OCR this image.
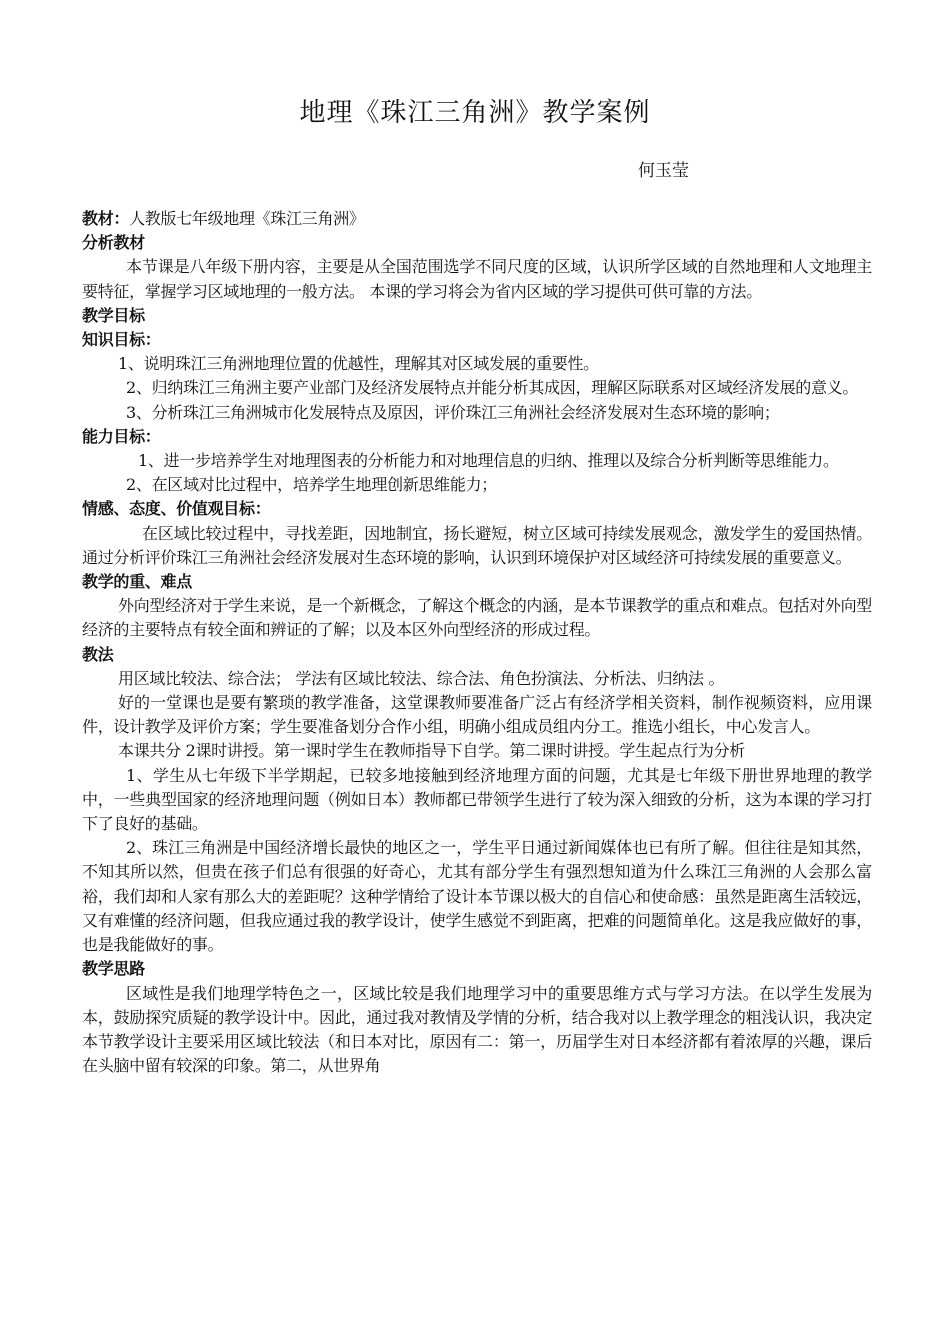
地理《珠江三角洲》教学案例
何玉莹

教材：人教版七年级地理《珠江三角洲》

分析教材

本节课是八年级下册内容，主要是从全国范围选学不同尺度的区域，认识所学区域的自然地理和人文地理主要特征，掌握学习区域地理的一般方法。 本课的学习将会为省内区域的学习提供可供可靠的方法。

教学目标

知识目标：

1、说明珠江三角洲地理位置的优越性，理解其对区域发展的重要性。

2、归纳珠江三角洲主要产业部门及经济发展特点并能分析其成因，理解区际联系对区域经济发展的意义。

3、分析珠江三角洲城市化发展特点及原因，评价珠江三角洲社会经济发展对生态环境的影响；

能力目标：

1、进一步培养学生对地理图表的分析能力和对地理信息的归纳、推理以及综合分析判断等思维能力。

2、在区域对比过程中，培养学生地理创新思维能力；

情感、态度、价值观目标：

在区域比较过程中，寻找差距，因地制宜，扬长避短，树立区域可持续发展观念，激发学生的爱国热情。 通过分析评价珠江三角洲社会经济发展对生态环境的影响，认识到环境保护对区域经济可持续发展的重要意义。

教学的重、难点

外向型经济对于学生来说，是一个新概念，了解这个概念的内涵，是本节课教学的重点和难点。包括对外向型经济的主要特点有较全面和辨证的了解；以及本区外向型经济的形成过程。

教法

用区域比较法、综合法； 学法有区域比较法、综合法、角色扮演法、分析法、归纳法 。

好的一堂课也是要有繁琐的教学准备，这堂课教师要准备广泛占有经济学相关资料，制作视频资料，应用课件，设计教学及评价方案；学生要准备划分合作小组，明确小组成员组内分工。推选小组长，中心发言人。

本课共分 2课时讲授。第一课时学生在教师指导下自学。第二课时讲授。学生起点行为分析

1、学生从七年级下半学期起，已较多地接触到经济地理方面的问题，尤其是七年级下册世界地理的教学中，一些典型国家的经济地理问题（例如日本）教师都已带领学生进行了较为深入细致的分析，这为本课的学习打下了良好的基础。

2、珠江三角洲是中国经济增长最快的地区之一，学生平日通过新闻媒体也已有所了解。但往往是知其然，不知其所以然，但贵在孩子们总有很强的好奇心，尤其有部分学生有强烈想知道为什么珠江三角洲的人会那么富裕，我们却和人家有那么大的差距呢？这种学情给了设计本节课以极大的自信心和使命感：虽然是距离生活较远，又有难懂的经济问题，但我应通过我的教学设计，使学生感觉不到距离，把难的问题简单化。这是我应做好的事，也是我能做好的事。

教学思路

区域性是我们地理学特色之一，区域比较是我们地理学习中的重要思维方式与学习方法。在以学生发展为本，鼓励探究质疑的教学设计中。因此，通过我对教情及学情的分析，结合我对以上教学理念的粗浅认识，我决定本节教学设计主要采用区域比较法（和日本对比，原因有二：第一，历届学生对日本经济都有着浓厚的兴趣，课后在头脑中留有较深的印象。第二，从世界角
